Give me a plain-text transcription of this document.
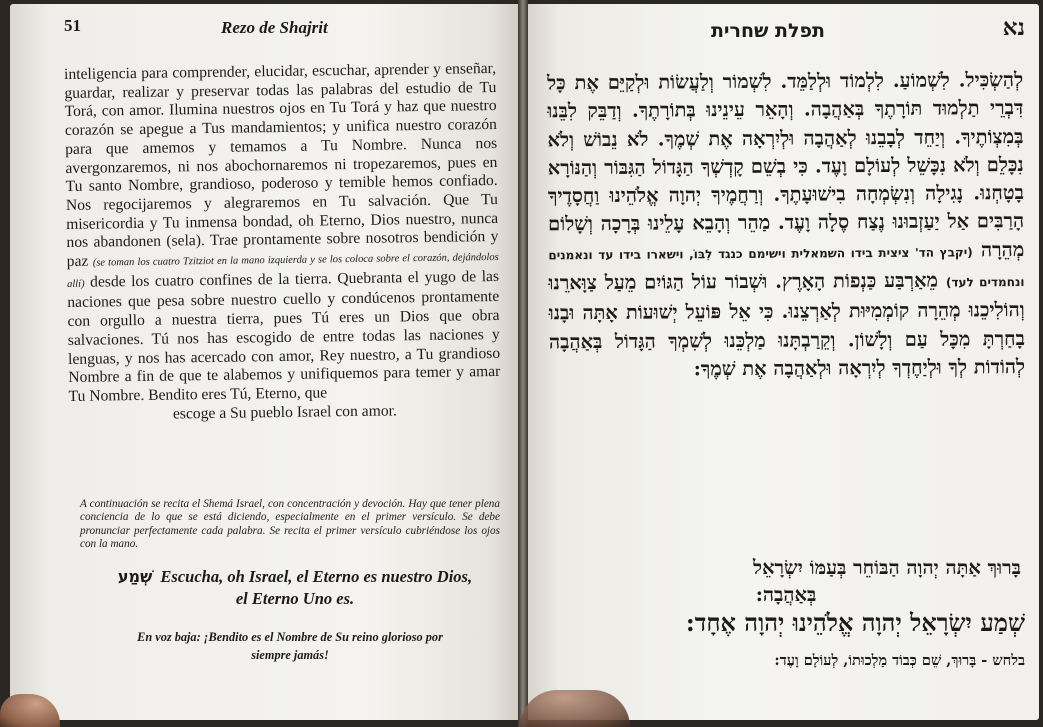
51	Rezo de Shajrit
inteligencia para comprender, elucidar, escuchar, aprender y enseñar, guardar, realizar y preservar todas las palabras del estudio de Tu Torá, con amor. Ilumina nuestros ojos en Tu Torá y haz que nuestro corazón se apegue a Tus mandamientos; y unifica nuestro corazón para que amemos y temamos a Tu Nombre. Nunca nos avergonzaremos, ni nos abochornaremos ni tropezaremos, pues en Tu santo Nombre, grandioso, poderoso y temible hemos confiado. Nos regocijaremos y alegraremos en Tu salvación. Que Tu misericordia y Tu inmensa bondad, oh Eterno, Dios nuestro, nunca nos abandonen (sela). Trae prontamente sobre nosotros bendición y paz (se toman los cuatro Tzitziot en la mano izquierda y se los coloca sobre el corazón, dejándolos allí) desde los cuatro confines de la tierra. Quebranta el yugo de las naciones que pesa sobre nuestro cuello y condúcenos prontamente con orgullo a nuestra tierra, pues Tú eres un Dios que obra salvaciones. Tú nos has escogido de entre todas las naciones y lenguas, y nos has acercado con amor, Rey nuestro, a Tu grandioso Nombre a fin de que te alabemos y unifiquemos para temer y amar Tu Nombre. Bendito eres Tú, Eterno, que
escoge a Su pueblo Israel con amor.
A continuación se recita el Shemá Israel, con concentración y devoción. Hay que tener plena conciencia de lo que se está diciendo, especialmente en el primer versículo. Se debe pronunciar perfectamente cada palabra. Se recita el primer versículo cubriéndose los ojos con la mano.
שְׁמַע Escucha, oh Israel, el Eterno es nuestro Dios,
el Eterno Uno es.
En voz baja: ¡Bendito es el Nombre de Su reino glorioso por
siempre jamás!
נא
תפלת שחרית
לְהַשְׂכִּיל. לִשְׁמוֹעַ. לִלְמוֹד וּלְלַמֵּד. לִשְׁמוֹר וְלַעֲשׂוֹת וּלְקַיֵּם אֶת כָּל דִּבְרֵי תַלְמוּד תּוֹרָתֶךָ בְּאַהֲבָה. וְהָאֵר עֵינֵינוּ בְּתוֹרָתֶךָ. וְדַבֵּק לִבֵּנוּ בְּמִצְוֹתֶיךָ. וְיַחֵד לְבָבֵנוּ לְאַהֲבָה וּלְיִרְאָה אֶת שְׁמֶךָ. לֹא נֵבוֹשׁ וְלֹא נִכָּלֵם וְלֹא נִכָּשֵׁל לְעוֹלָם וָעֶד. כִּי בְשֵׁם קָדְשְׁךָ הַגָּדוֹל הַגִּבּוֹר וְהַנּוֹרָא בָטָחְנוּ. נָגִילָה וְנִשְׂמְחָה בִישׁוּעָתֶךָ. וְרַחֲמֶיךָ יְהוָה אֱלֹהֵינוּ וַחֲסָדֶיךָ הָרַבִּים אַל יַעַזְבוּנוּ נֶצַח סֶלָה וָעֶד. מַהֵר וְהָבֵא עָלֵינוּ בְּרָכָה וְשָׁלוֹם מְהֵרָה (יקבץ הד' ציצית בידו השמאלית וישימם כנגד לִבּוֹ, וישארו בידו עד ונאמנים ונחמדים לעד) מֵאַרְבַּע כַּנְפוֹת הָאָרֶץ. וּשְׁבוֹר עוֹל הַגּוֹיִם מֵעַל צַוָּארֵנוּ וְהוֹלִיכֵנוּ מְהֵרָה קוֹמְמִיּוּת לְאַרְצֵנוּ. כִּי אֵל פּוֹעֵל יְשׁוּעוֹת אָתָּה וּבָנוּ בָחַרְתָּ מִכָּל עַם וְלָשׁוֹן. וְקֵרַבְתָּנוּ מַלְכֵּנוּ לְשִׁמְךָ הַגָּדוֹל בְּאַהֲבָה לְהוֹדוֹת לְךָ וּלְיַחֶדְךָ לְיִרְאָה וּלְאַהֲבָה אֶת שְׁמֶךָ:
בָּרוּךְ אַתָּה יְהוָה הַבּוֹחֵר בְּעַמּוֹ יִשְׂרָאֵל
בְּאַהֲבָה:
שְׁמַע יִשְׂרָאֵל יְהוָה אֱלֹהֵינוּ יְהוָה אֶחָד:
בלחש - בָּרוּךְ, שֵׁם כְּבוֹד מַלְכוּתוֹ, לְעוֹלָם וָעֶד:
